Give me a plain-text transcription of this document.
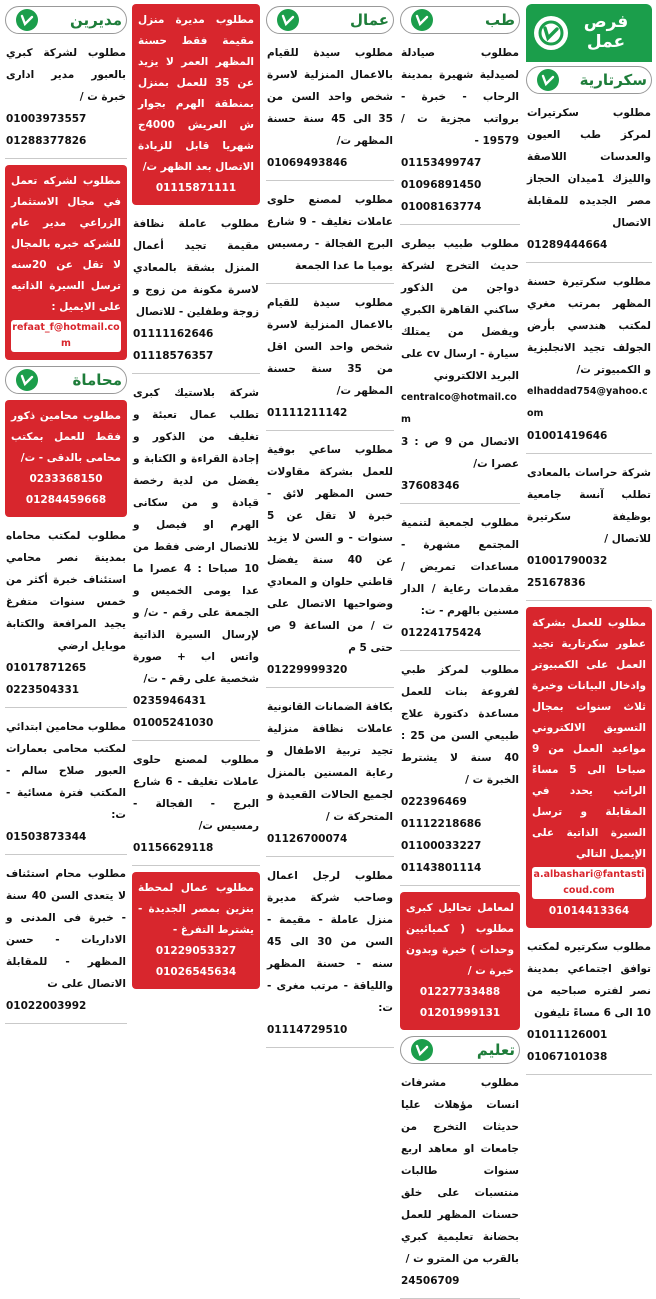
فرص عمل
سكرتارية
مطلوب سكرتيرات لمركز طب العيون والعدسات اللاصقة والليزك 1ميدان الحجاز مصر الجديده للمقابلة الاتصال
01289444664
مطلوب سكرتيرة حسنة المظهر بمرتب مغري لمكتب هندسي بأرض الجولف تجيد الانجليزية و الكمبيوتر ت/
elhaddad754@yahoo.com
01001419646
شركة حراسات بالمعادى تطلب آنسة جامعية بوظيفة سكرتيرة للاتصال /
01001790032
25167836
مطلوب للعمل بشركة عطور سكرتارية تجيد العمل على الكمبيوتر وادخال البيانات وخبرة ثلاث سنوات بمجال التسويق الالكتروني مواعيد العمل من 9 صباحا الى 5 مساءً الراتب يحدد في المقابلة و ترسل السيرة الذاتية على الإيميل التالي
a.albashari@fantasticoud.com
01014413364
مطلوب سكرتيره لمكتب توافق اجتماعي بمدينة نصر لفتره صباحيه من 10 الى 6 مساءً تليفون
01011126001
01067101038
طب
مطلوب صيادلة لصيدلية شهيرة بمدينة الرحاب - خبرة - برواتب مجزية ت / 19579 -
01153499747
01096891450
01008163774
مطلوب طبيب بيطرى حديث التخرج لشركة دواجن من الذكور ساكني القاهرة الكبري ويفضل من يمتلك سيارة - ارسال cv على البريد الالكتروني
centralco@hotmail.com
الاتصال من 9 ص : 3 عصرا ت/
37608346
مطلوب لجمعية لتنمية المجتمع مشهرة - مساعدات تمريض / مقدمات رعاية / الدار مسنين بالهرم - ت:
01224175424
مطلوب لمركز طبي لفروعة بنات للعمل مساعدة دكتورة علاج طبيعي السن من 25 : 40 سنة لا يشترط الخبرة ت /
022396469
01112218686
01100033227
01143801114
لمعامل تحاليل كبرى مطلوب ( كميائيين وحدات ) خبرة وبدون خبرة ت /
01227733488
01201999131
تعليم
مطلوب مشرفات انسات مؤهلات عليا حديثات التخرج من جامعات او معاهد اربع سنوات طالبات منتسبات على خلق حسنات المظهر للعمل بحضانة تعليمية كبري بالقرب من المترو ت /
24506709
عمال
مطلوب سيدة للقيام بالاعمال المنزلية لاسرة شخص واحد السن من 35 الى 45 سنة حسنة المظهر ت/
01069493846
مطلوب لمصنع حلوى عاملات تغليف - 9 شارع البرج الفجالة - رمسيس يوميا ما عدا الجمعة
مطلوب سيدة للقيام بالاعمال المنزلية لاسرة شخص واحد السن اقل من 35 سنة حسنة المظهر ت/
01111211142
مطلوب ساعي بوفية للعمل بشركة مقاولات حسن المظهر لائق - خبرة لا تقل عن 5 سنوات - و السن لا يزيد عن 40 سنة يفضل قاطني حلوان و المعادي وضواحيها الاتصال على ت / من الساعة 9 ص حتى 5 م
01229999320
بكافة الضمانات القانونية عاملات نظافة منزلية تجيد تربية الاطفال و رعاية المسنين بالمنزل لجميع الحالات القعيدة و المتحركة ت /
01126700074
مطلوب لرجل اعمال وصاحب شركة مديرة منزل عاملة - مقيمة - السن من 30 الى 45 سنه - حسنة المظهر واللياقة - مرتب مغرى - ت:
01114729510
مطلوب مديرة منزل مقيمة فقط حسنة المظهر العمر لا يزيد عن 35 للعمل بمنزل بمنطقة الهرم بجوار ش العريش 4000ج شهريا قابل للزيادة الاتصال بعد الظهر ت/
01115871111
مطلوب عاملة نظافة مقيمة تجيد أعمال المنزل بشقة بالمعادي لاسرة مكونة من زوج و زوجة وطفلين - للاتصال
01111162646
01118576357
شركة بلاستيك كبرى تطلب عمال تعبئة و تغليف من الذكور و إجادة القراءة و الكتابة و يفضل من لدية رخصة قيادة و من سكانى الهرم او فيصل و للاتصال ارضى فقط من 10 صباحا : 4 عصرا ما عدا يومى الخميس و الجمعة على رقم - ت/ و لإرسال السيرة الذاتية واتس اب + صورة شخصية على رقم - ت/
0235946431
01005241030
مطلوب لمصنع حلوى عاملات تغليف - 6 شارع البرج - الفجالة - رمسيس ت/
01156629118
مطلوب عمال لمحطة بنزين بمصر الجديدة - يشترط التفرغ -
01229053327
01026545634
مديرين
مطلوب لشركة كبري بالعبور مدير ادارى خبرة ت /
01003973557
01288377826
مطلوب لشركه تعمل في مجال الاستثمار الزراعي مدير عام للشركه خبره بالمجال لا تقل عن 20سنه ترسل السيرة الذاتيه على الايميل :
refaat_f@hotmail.com
محاماة
مطلوب محامين ذكور فقط للعمل بمكتب محامى بالدقى - ت/
0233368150
01284459668
مطلوب لمكتب محاماه بمدينة نصر محامي استئناف خبرة أكثر من خمس سنوات متفرغ يجيد المرافعة والكتابة موبايل ارضي
01017871265
0223504331
مطلوب محامين ابتدائي لمكتب محامى بعمارات العبور صلاح سالم - المكتب فترة مسائية - ت:
01503873344
مطلوب محام استئناف لا يتعدى السن 40 سنة - خبرة فى المدنى و الاداريات - حسن المظهر - للمقابلة الاتصال على ت
01022003992
